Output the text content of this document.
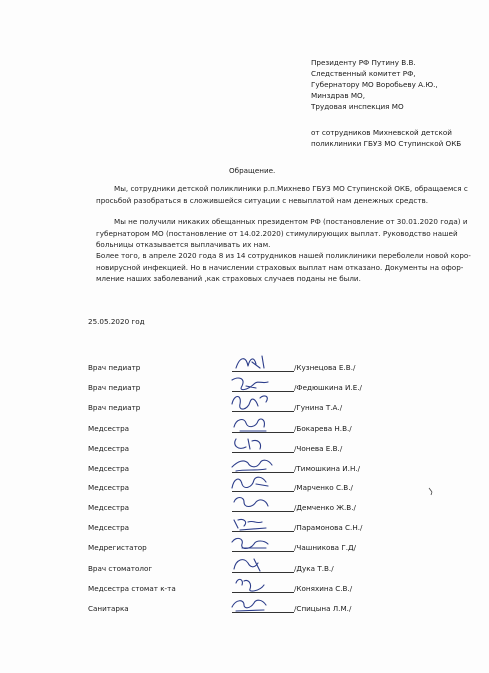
Президенту РФ Путину В.В.
Следственный комитет РФ,
Губернатору МО Воробьеву А.Ю.,
Минздрав МО,
Трудовая инспекция МО
от сотрудников Михневской детской
поликлиники ГБУЗ МО Ступинской ОКБ
Обращение.
Мы, сотрудники детской поликлиники р.п.Михнево ГБУЗ МО Ступинской ОКБ, обращаемся с
просьбой разобраться в сложившейся ситуации с невыплатой нам денежных средств.
Мы не получили никаких обещанных президентом РФ (постановление от 30.01.2020 года) и
губернатором МО (постановление от 14.02.2020) стимулирующих выплат. Руководство нашей
больницы отказывается выплачивать их нам.
Более того, в апреле 2020 года 8 из 14 сотрудников нашей поликлиники переболели новой коро-
новирусной инфекцией. Но в начислении страховых выплат нам отказано. Документы на офор-
мление наших заболеваний ,как страховых случаев поданы не были.
25.05.2020 год
Врач педиатр	/Кузнецова Е.В./
Врач педиатр	/Федюшкина И.Е./
Врач педиатр	/Гунина Т.А./
Медсестра	/Бокарева Н.В./
Медсестра	/Чонева Е.В./
Медсестра	/Тимошкина И.Н./
Медсестра	/Марченко С.В./
Медсестра	/Демченко Ж.В./
Медсестра	/Парамонова С.Н./
Медрегистатор	/Чашникова Г.Д/
Врач стоматолог	/Дука Т.В./
Медсестра стомат к-та	/Коняхина С.В./
Санитарка	/Спицына Л.М./
